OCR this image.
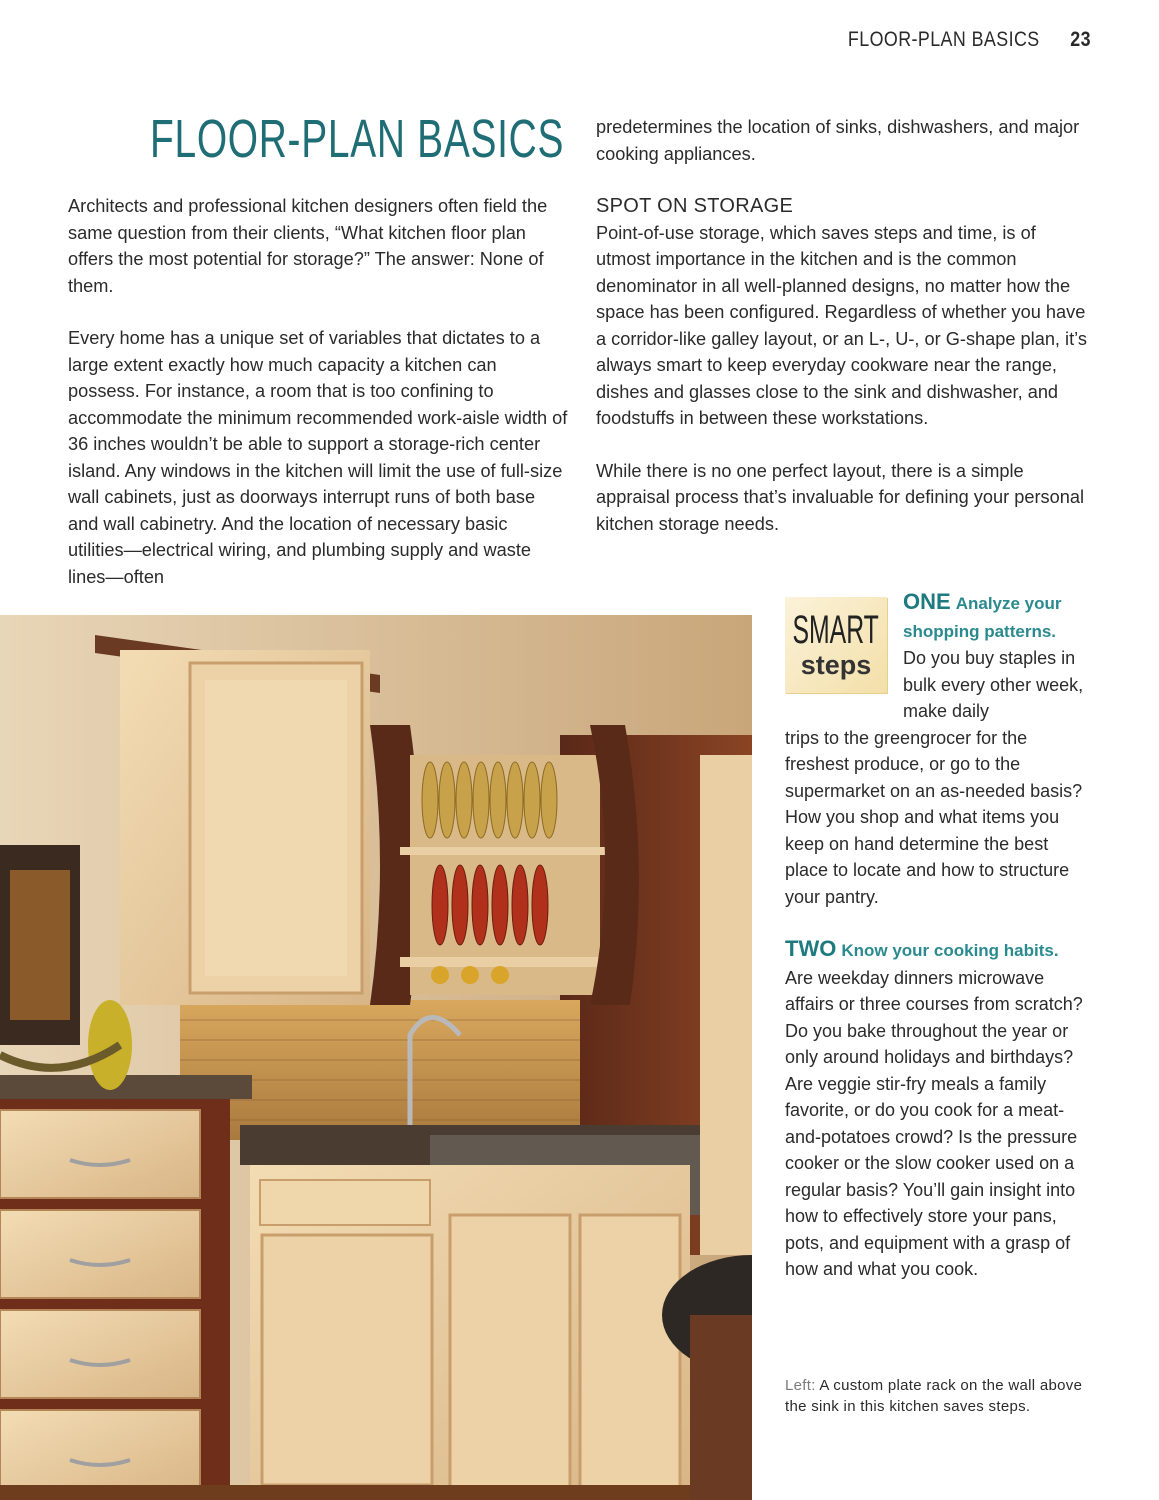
FLOOR-PLAN BASICS 23
FLOOR-PLAN BASICS

Architects and professional kitchen designers often field the same question from their clients, “What kitchen floor plan offers the most potential for storage?” The answer: None of them.

Every home has a unique set of variables that dictates to a large extent exactly how much capacity a kitchen can possess. For instance, a room that is too confining to accommodate the minimum recommended work-aisle width of 36 inches wouldn’t be able to support a storage-rich center island. Any windows in the kitchen will limit the use of full-size wall cabinets, just as doorways interrupt runs of both base and wall cabinetry. And the location of necessary basic utilities—electrical wiring, and plumbing supply and waste lines—often

predetermines the location of sinks, dishwashers, and major cooking appliances.

SPOT ON STORAGE

Point-of-use storage, which saves steps and time, is of utmost importance in the kitchen and is the common denominator in all well-planned designs, no matter how the space has been configured. Regardless of whether you have a corridor-like galley layout, or an L-, U-, or G-shape plan, it’s always smart to keep everyday cookware near the range, dishes and glasses close to the sink and dishwasher, and foodstuffs in between these workstations.

While there is no one perfect layout, there is a simple appraisal process that’s invaluable for defining your personal kitchen storage needs.

SMART
steps
ONE Analyze your shopping patterns.
Do you buy staples in bulk every other week, make daily
trips to the greengrocer for the freshest produce, or go to the supermarket on an as-needed basis? How you shop and what items you keep on hand determine the best place to locate and how to structure your pantry.
TWO Know your cooking habits.
Are weekday dinners microwave affairs or three courses from scratch? Do you bake throughout the year or only around holidays and birthdays? Are veggie stir-fry meals a family favorite, or do you cook for a meat-and-potatoes crowd? Is the pressure cooker or the slow cooker used on a regular basis? You’ll gain insight into how to effectively store your pans, pots, and equipment with a grasp of how and what you cook.
Left: A custom plate rack on the wall above the sink in this kitchen saves steps.
